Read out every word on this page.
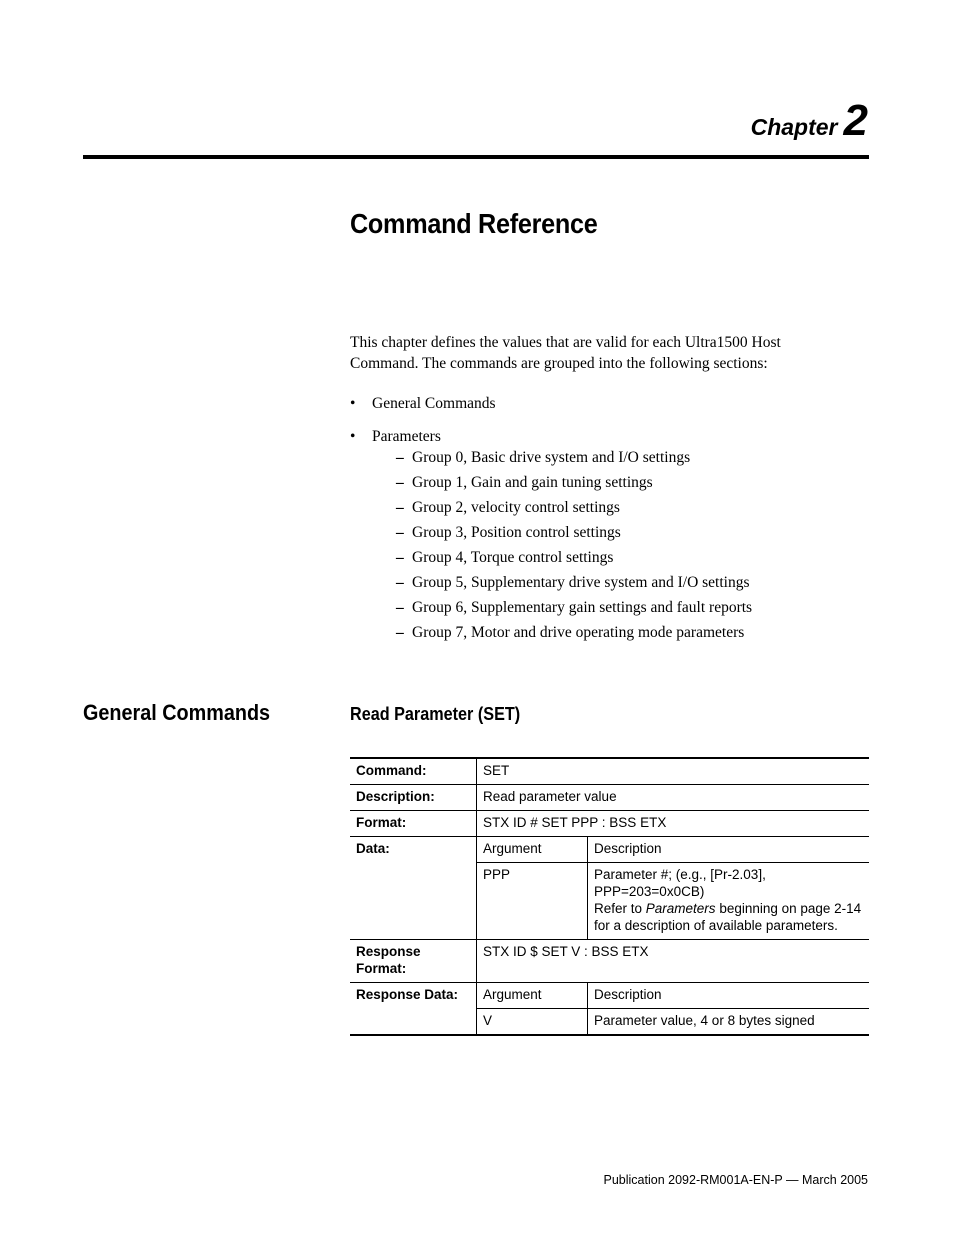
Chapter 2
Command Reference

This chapter defines the values that are valid for each Ultra1500 Host Command. The commands are grouped into the following sections:

• General Commands
• Parameters
– Group 0, Basic drive system and I/O settings
– Group 1, Gain and gain tuning settings
– Group 2, velocity control settings
– Group 3, Position control settings
– Group 4, Torque control settings
– Group 5, Supplementary drive system and I/O settings
– Group 6, Supplementary gain settings and fault reports
– Group 7, Motor and drive operating mode parameters
General Commands	Read Parameter (SET)
Command:	SET	
Description:	Read parameter value	
Format:	STX ID # SET PPP : BSS ETX	
Data:	Argument	Description
	PPP	Parameter #; (e.g., [Pr-2.03], PPP=203=0x0CB)
Refer to Parameters beginning on page 2-14 for a description of available parameters.
Response Format:	STX ID $ SET V : BSS ETX	
Response Data:	Argument	Description
	V	Parameter value, 4 or 8 bytes signed
Publication 2092-RM001A-EN-P — March 2005
